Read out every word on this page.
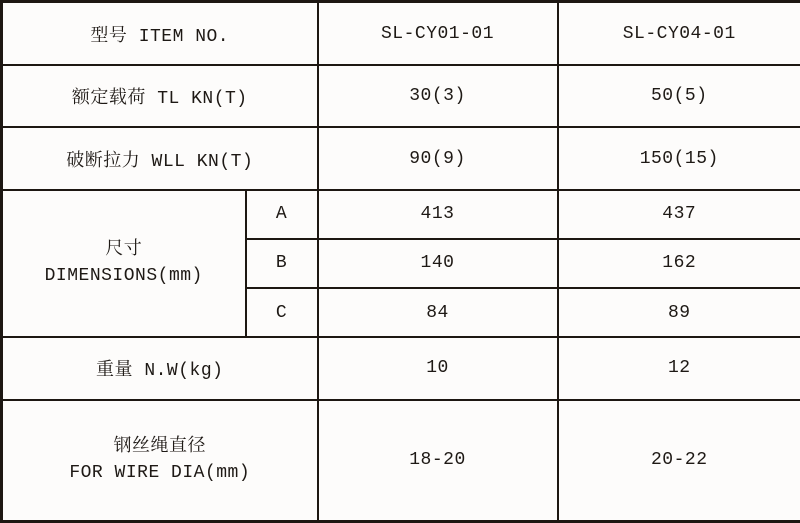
型号 ITEM NO.		SL-CY01-01	SL-CY04-01
额定载荷 TL KN(T)		30(3)	50(5)
破断拉力 WLL KN(T)		90(9)	150(15)

尺寸
DIMENSIONS(mm)	A	413	437
	B	140	162
	C	84	89
重量 N.W(kg)		10	12

钢丝绳直径
FOR WIRE DIA(mm)		18-20	20-22
